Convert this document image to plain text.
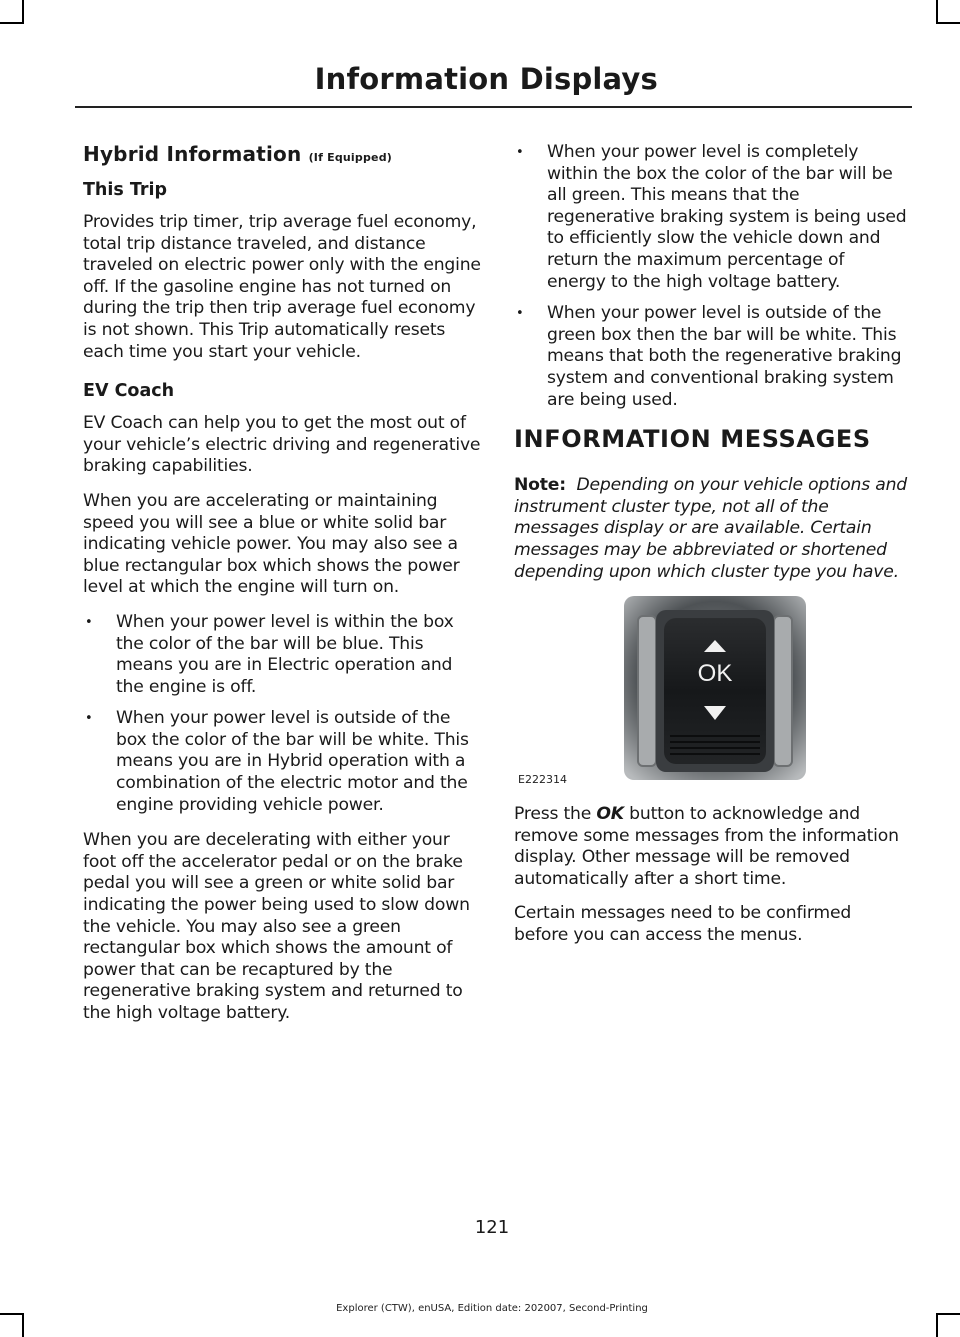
Information Displays
Hybrid Information (If Equipped)
This Trip

Provides trip timer, trip average fuel economy, total trip distance traveled, and distance traveled on electric power only with the engine off. If the gasoline engine has not turned on during the trip then trip average fuel economy is not shown. This Trip automatically resets each time you start your vehicle.

EV Coach

EV Coach can help you to get the most out of your vehicle’s electric driving and regenerative braking capabilities.

When you are accelerating or maintaining speed you will see a blue or white solid bar indicating vehicle power. You may also see a blue rectangular box which shows the power level at which the engine will turn on.

• When your power level is within the box the color of the bar will be blue. This means you are in Electric operation and the engine is off.
• When your power level is outside of the box the color of the bar will be white. This means you are in Hybrid operation with a combination of the electric motor and the engine providing vehicle power.

When you are decelerating with either your foot off the accelerator pedal or on the brake pedal you will see a green or white solid bar indicating the power being used to slow down the vehicle. You may also see a green rectangular box which shows the amount of power that can be recaptured by the regenerative braking system and returned to the high voltage battery.

• When your power level is completely within the box the color of the bar will be all green. This means that the regenerative braking system is being used to efficiently slow the vehicle down and return the maximum percentage of energy to the high voltage battery.
• When your power level is outside of the green box then the bar will be white. This means that both the regenerative braking system and conventional braking system are being used.
INFORMATION MESSAGES

Note: Depending on your vehicle options and instrument cluster type, not all of the messages display or are available. Certain messages may be abbreviated or shortened depending upon which cluster type you have.

OK
E222314

Press the OK button to acknowledge and remove some messages from the information display. Other message will be removed automatically after a short time.

Certain messages need to be confirmed before you can access the menus.

121
Explorer (CTW), enUSA, Edition date: 202007, Second-Printing
